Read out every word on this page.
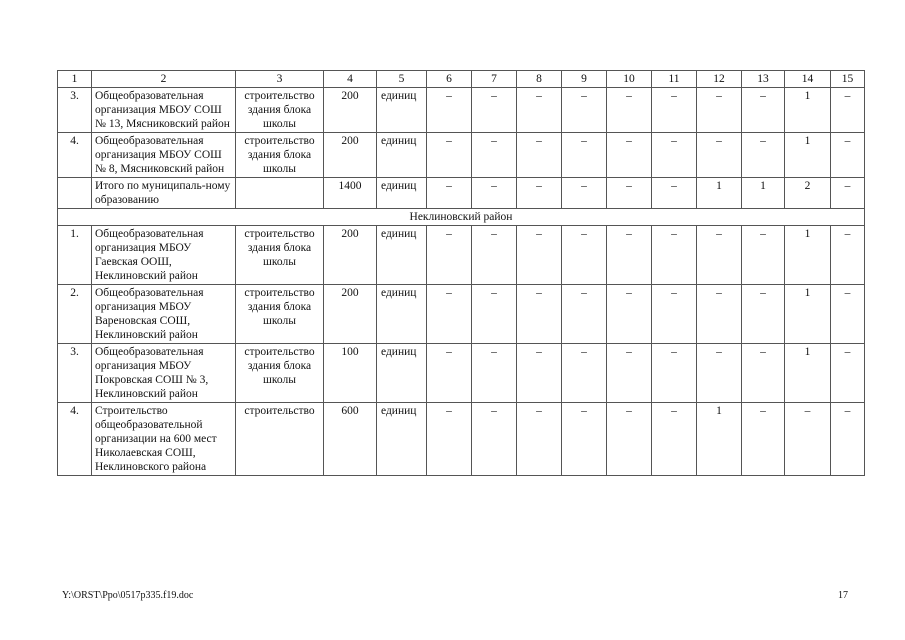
1	2	3	4	5	6	7	8	9	10	11	12	13	14	15
3.	Общеобразовательная организация МБОУ СОШ № 13, Мясниковский район	строительство здания блока школы	200	единиц	–	–	–	–	–	–	–	–	1	–
4.	Общеобразовательная организация МБОУ СОШ № 8, Мясниковский район	строительство здания блока школы	200	единиц	–	–	–	–	–	–	–	–	1	–
	Итого по муниципаль-ному образованию		1400	единиц	–	–	–	–	–	–	1	1	2	–
Неклиновский район														
1.	Общеобразовательная организация МБОУ Гаевская ООШ, Неклиновский район	строительство здания блока школы	200	единиц	–	–	–	–	–	–	–	–	1	–
2.	Общеобразовательная организация МБОУ Вареновская СОШ, Неклиновский район	строительство здания блока школы	200	единиц	–	–	–	–	–	–	–	–	1	–
3.	Общеобразовательная организация МБОУ Покровская СОШ № 3, Неклиновский район	строительство здания блока школы	100	единиц	–	–	–	–	–	–	–	–	1	–
4.	Строительство общеобразовательной организации на 600 мест Николаевская СОШ, Неклиновского района	строительство	600	единиц	–	–	–	–	–	–	1	–	–	–
Y:\ORST\Ppo\0517p335.f19.doc	17
